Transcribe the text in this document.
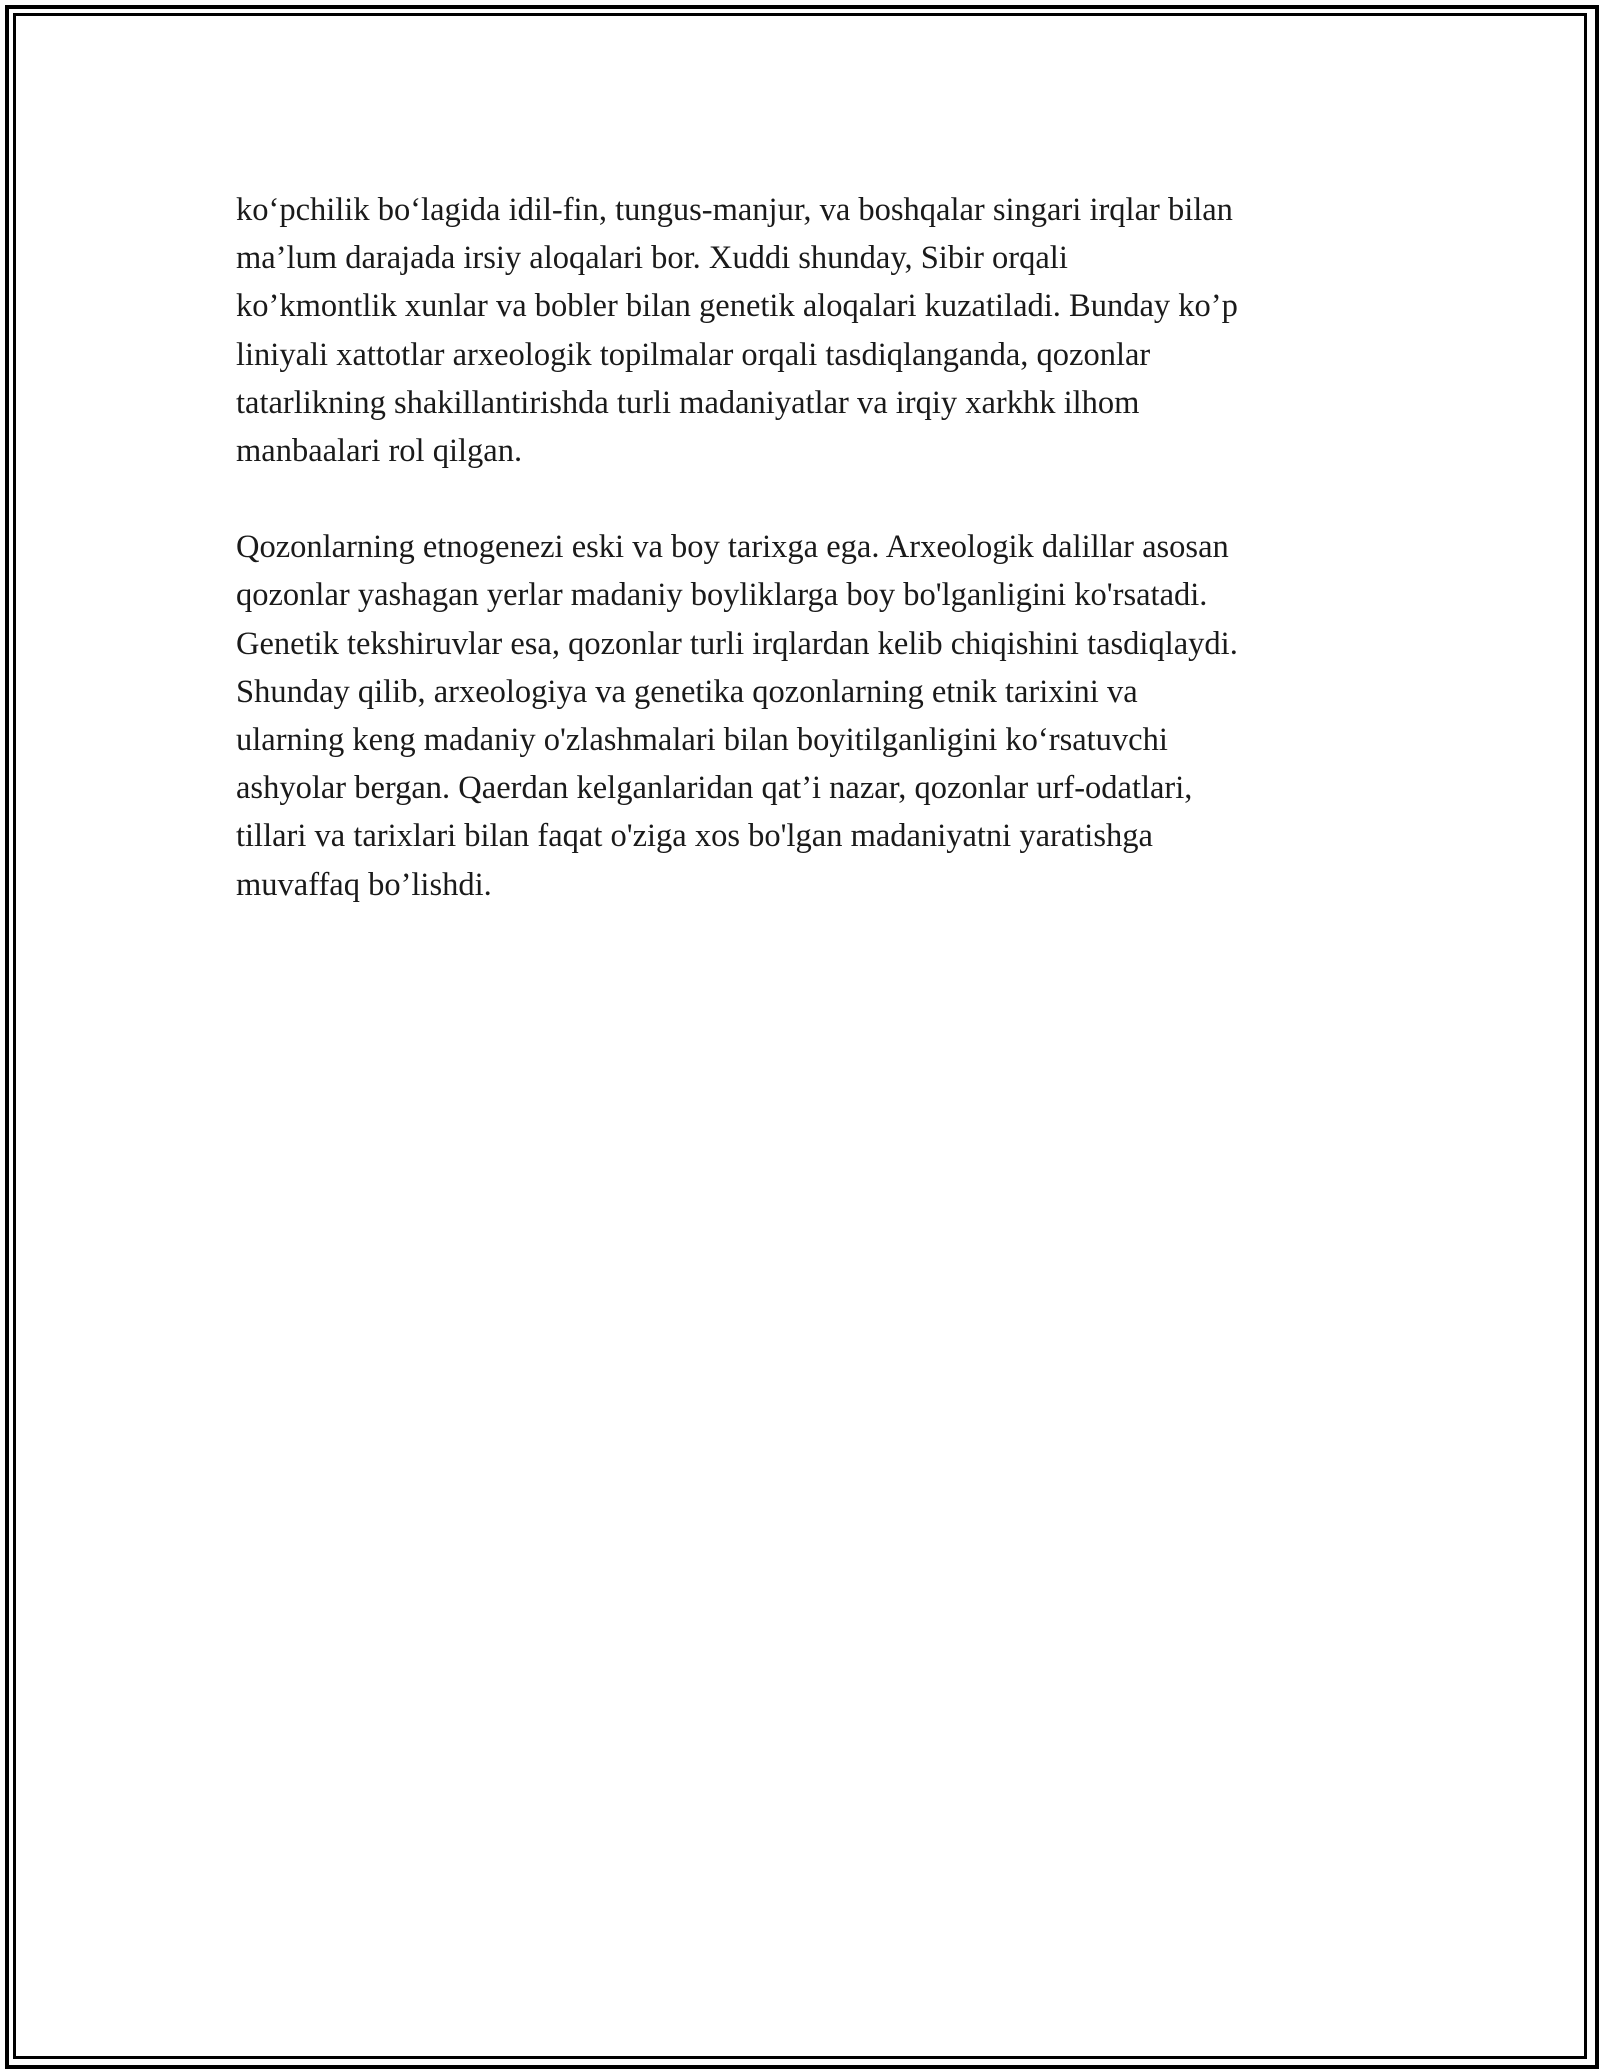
ko‘pchilik bo‘lagida idil-fin, tungus-manjur, va boshqalar singari irqlar bilan
ma’lum darajada irsiy aloqalari bor. Xuddi shunday, Sibir orqali
ko’kmontlik xunlar va bobler bilan genetik aloqalari kuzatiladi. Bunday ko’p
liniyali xattotlar arxeologik topilmalar orqali tasdiqlanganda, qozonlar
tatarlikning shakillantirishda turli madaniyatlar va irqiy xarkhk ilhom
manbaalari rol qilgan.

Qozonlarning etnogenezi eski va boy tarixga ega. Arxeologik dalillar asosan
qozonlar yashagan yerlar madaniy boyliklarga boy bo'lganligini ko'rsatadi.
Genetik tekshiruvlar esa, qozonlar turli irqlardan kelib chiqishini tasdiqlaydi.
Shunday qilib, arxeologiya va genetika qozonlarning etnik tarixini va
ularning keng madaniy o'zlashmalari bilan boyitilganligini ko‘rsatuvchi
ashyolar bergan. Qaerdan kelganlaridan qat’i nazar, qozonlar urf-odatlari,
tillari va tarixlari bilan faqat o'ziga xos bo'lgan madaniyatni yaratishga
muvaffaq bo’lishdi.
